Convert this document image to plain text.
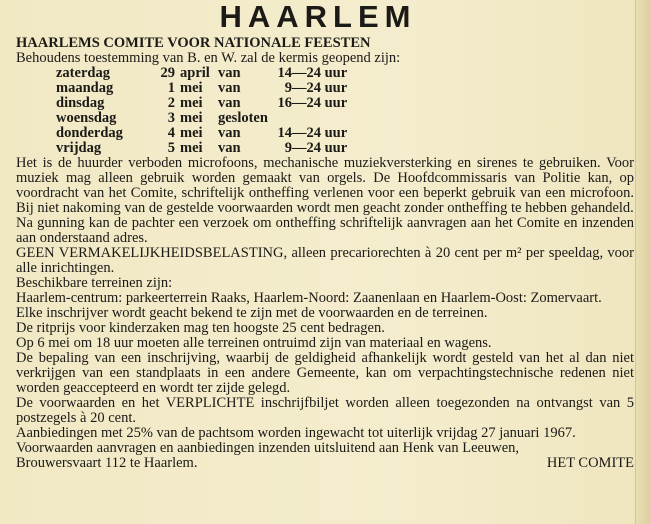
HAARLEM

HAARLEMS COMITE VOOR NATIONALE FEESTEN

Behoudens toestemming van B. en W. zal de kermis geopend zijn:

zaterdag	29	april	van	14	—24 uur
maandag	1	mei	van	9	—24 uur
dinsdag	2	mei	van	16	—24 uur
woensdag	3	mei	gesloten		
donderdag	4	mei	van	14	—24 uur
vrijdag	5	mei	van	9	—24 uur

Het is de huurder verboden microfoons, mechanische muziekversterking en sirenes te gebruiken. Voor muziek mag alleen gebruik worden gemaakt van orgels. De Hoofdcommissaris van Politie kan, op voordracht van het Comite, schriftelijk ontheffing verlenen voor een beperkt gebruik van een microfoon. Bij niet nakoming van de gestelde voorwaarden wordt men geacht zonder ontheffing te hebben gehandeld.

Na gunning kan de pachter een verzoek om ontheffing schriftelijk aanvragen aan het Comite en inzenden aan onderstaand adres.

GEEN VERMAKELIJKHEIDSBELASTING, alleen precariorechten à 20 cent per m² per speeldag, voor alle inrichtingen.

Beschikbare terreinen zijn:

Haarlem-centrum: parkeerterrein Raaks, Haarlem-Noord: Zaanenlaan en Haarlem-Oost: Zomervaart.

Elke inschrijver wordt geacht bekend te zijn met de voorwaarden en de terreinen.

De ritprijs voor kinderzaken mag ten hoogste 25 cent bedragen.

Op 6 mei om 18 uur moeten alle terreinen ontruimd zijn van materiaal en wagens.

De bepaling van een inschrijving, waarbij de geldigheid afhankelijk wordt gesteld van het al dan niet verkrijgen van een standplaats in een andere Gemeente, kan om verpachtingstechnische redenen niet worden geaccepteerd en wordt ter zijde gelegd.

De voorwaarden en het VERPLICHTE inschrijfbiljet worden alleen toegezonden na ontvangst van 5 postzegels à 20 cent.

Aanbiedingen met 25% van de pachtsom worden ingewacht tot uiterlijk vrijdag 27 januari 1967.

Voorwaarden aanvragen en aanbiedingen inzenden uitsluitend aan Henk van Leeuwen,

Brouwersvaart 112 te Haarlem.	HET COMITE
